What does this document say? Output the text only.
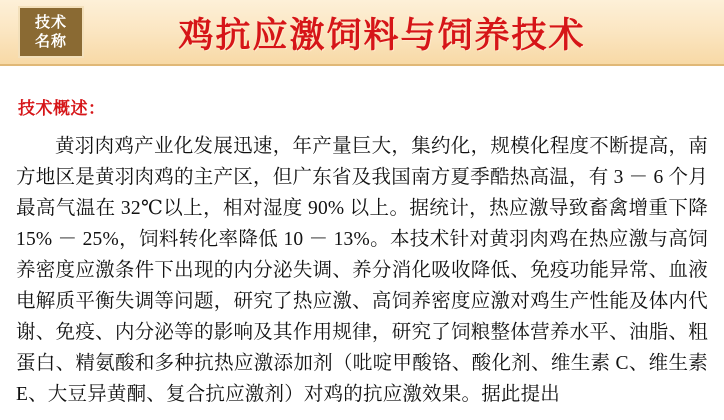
技术
名称	鸡抗应激饲料与饲养技术
技术概述：

黄羽肉鸡产业化发展迅速，年产量巨大，集约化，规模化程度不断提高，南方地区是黄羽肉鸡的主产区，但广东省及我国南方夏季酷热高温，有 3 － 6 个月最高气温在 32℃以上，相对湿度 90% 以上。据统计，热应激导致畜禽增重下降 15% － 25%，饲料转化率降低 10 － 13%。本技术针对黄羽肉鸡在热应激与高饲养密度应激条件下出现的内分泌失调、养分消化吸收降低、免疫功能异常、血液电解质平衡失调等问题，研究了热应激、高饲养密度应激对鸡生产性能及体内代谢、免疫、内分泌等的影响及其作用规律，研究了饲粮整体营养水平、油脂、粗蛋白、精氨酸和多种抗热应激添加剂（吡啶甲酸铬、酸化剂、维生素 C、维生素 E、大豆异黄酮、复合抗应激剂）对鸡的抗应激效果。据此提出
